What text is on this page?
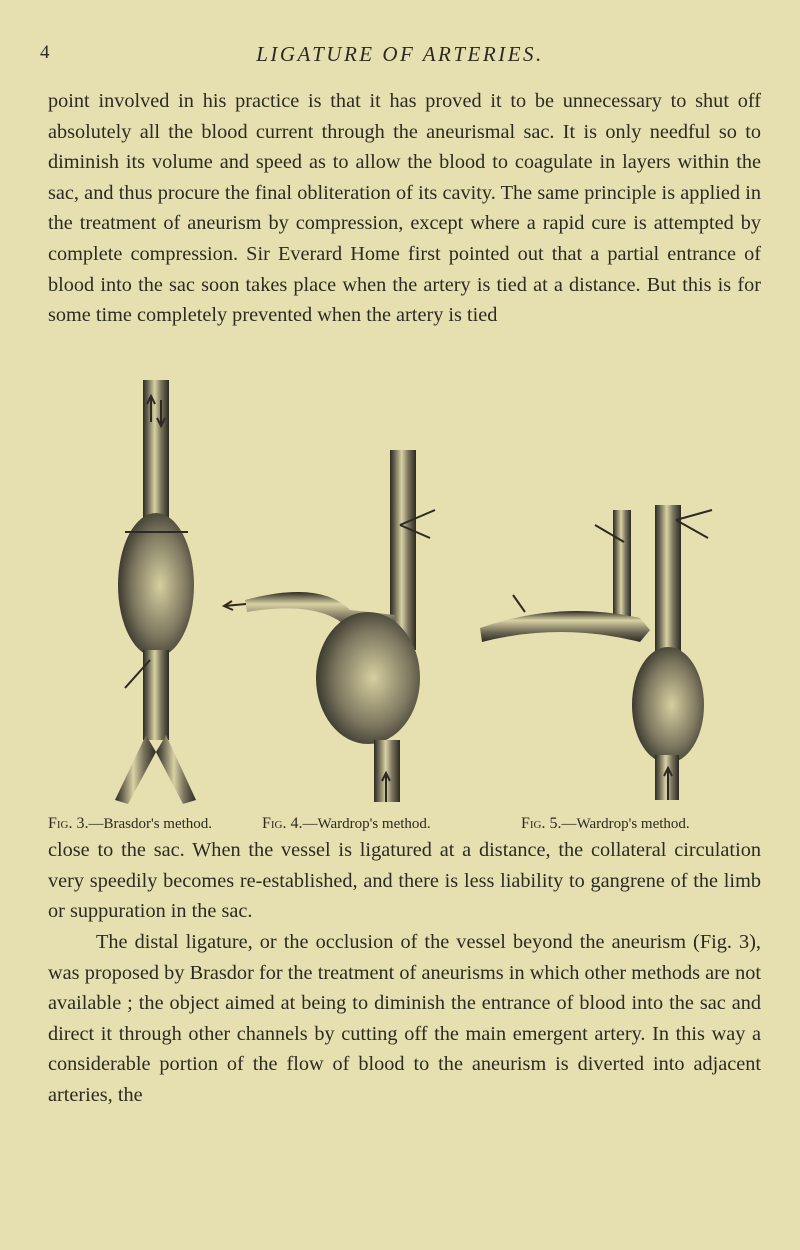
4	LIGATURE OF ARTERIES.

point involved in his practice is that it has proved it to be unnecessary to shut off absolutely all the blood current through the aneurismal sac. It is only needful so to diminish its volume and speed as to allow the blood to coagulate in layers within the sac, and thus procure the final obliteration of its cavity. The same principle is applied in the treatment of aneurism by compression, except where a rapid cure is attempted by complete compression. Sir Everard Home first pointed out that a partial entrance of blood into the sac soon takes place when the artery is tied at a distance. But this is for some time completely prevented when the artery is tied

Fig. 3.—Brasdor's method.	Fig. 4.—Wardrop's method.	Fig. 5.—Wardrop's method.

close to the sac. When the vessel is ligatured at a distance, the collateral circulation very speedily becomes re-established, and there is less liability to gangrene of the limb or suppuration in the sac.

The distal ligature, or the occlusion of the vessel beyond the aneurism (Fig. 3), was proposed by Brasdor for the treatment of aneurisms in which other methods are not available ; the object aimed at being to diminish the entrance of blood into the sac and direct it through other channels by cutting off the main emergent artery. In this way a considerable portion of the flow of blood to the aneurism is diverted into adjacent arteries, the
